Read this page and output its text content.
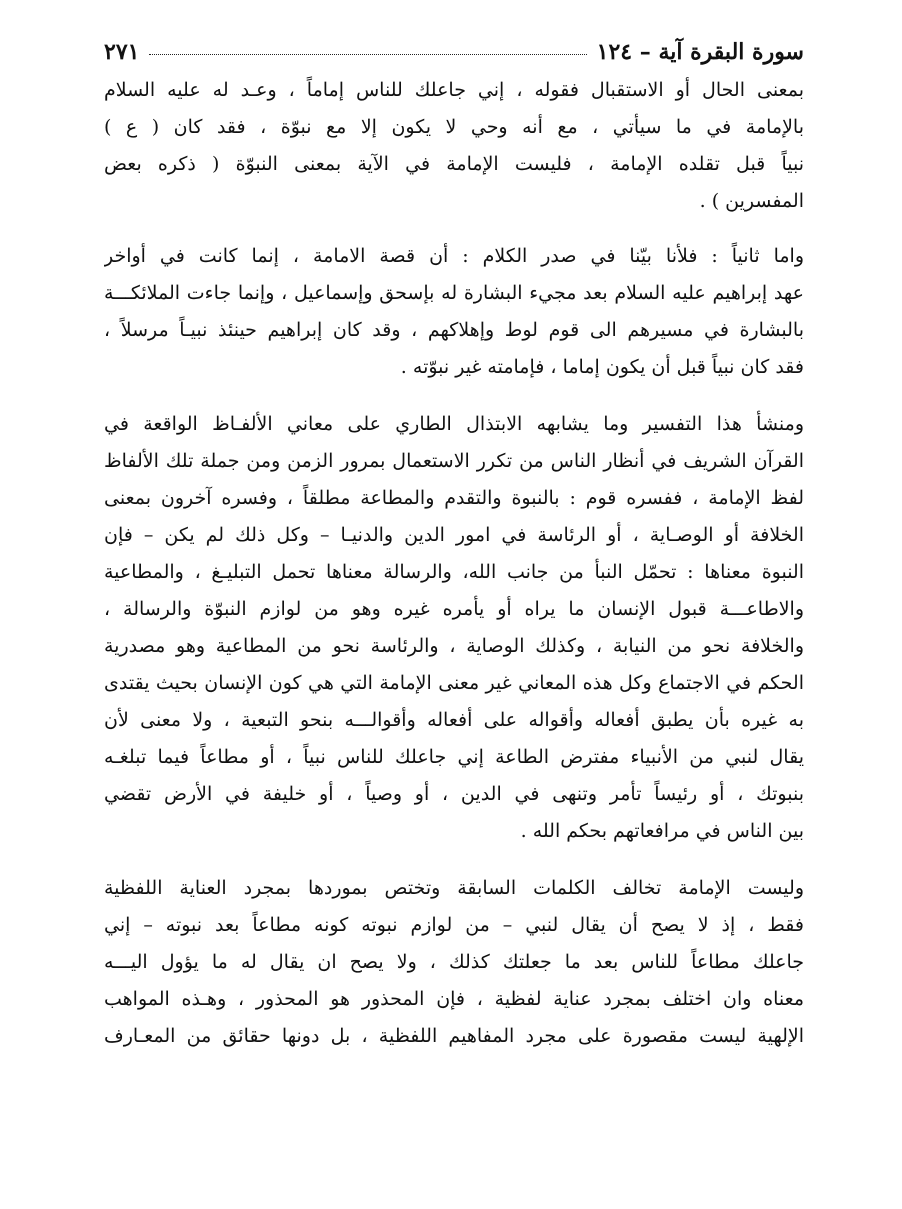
سورة البقرة آية – ١٢٤
٢٧١

بمعنى الحال أو الاستقبال فقوله ، إني جاعلك للناس إماماً ، وعـد له عليه السلام
بالإمامة في ما سيأتي ، مع أنه وحي لا يكون إلا مع نبوّة ، فقد كان ( ع )
نبياً قبل تقلده الإمامة ، فليست الإمامة في الآية بمعنى النبوّة ( ذكره بعض
المفسرين ) .

واما ثانياً : فلأنا بيّنا في صدر الكلام : أن قصة الامامة ، إنما كانت في أواخر
عهد إبراهيم عليه السلام بعد مجيء البشارة له بإسحق وإسماعيل ، وإنما جاءت الملائكـــة
بالبشارة في مسيرهم الى قوم لوط وإهلاكهم ، وقد كان إبراهيم حينئذ نبيـاً مرسلاً ،
فقد كان نبياً قبل أن يكون إماما ، فإمامته غير نبوّته .

ومنشأ هذا التفسير وما يشابهه الابتذال الطاري على معاني الألفـاظ الواقعة في
القرآن الشريف في أنظار الناس من تكرر الاستعمال بمرور الزمن ومن جملة تلك الألفاظ
لفظ الإمامة ، ففسره قوم : بالنبوة والتقدم والمطاعة مطلقاً ، وفسره آخرون بمعنى
الخلافة أو الوصـاية ، أو الرئاسة في امور الدين والدنيـا – وكل ذلك لم يكن – فإن
النبوة معناها : تحمّل النبأ من جانب الله، والرسالة معناها تحمل التبليـغ ، والمطاعية
والاطاعـــة قبول الإنسان ما يراه أو يأمره غيره وهو من لوازم النبوّة والرسالة ،
والخلافة نحو من النيابة ، وكذلك الوصاية ، والرئاسة نحو من المطاعية وهو مصدرية
الحكم في الاجتماع وكل هذه المعاني غير معنى الإمامة التي هي كون الإنسان بحيث يقتدى
به غيره بأن يطبق أفعاله وأقواله على أفعاله وأقوالـــه بنحو التبعية ، ولا معنى لأن
يقال لنبي من الأنبياء مفترض الطاعة إني جاعلك للناس نبياً ، أو مطاعاً فيما تبلغـه
بنبوتك ، أو رئيساً تأمر وتنهى في الدين ، أو وصياً ، أو خليفة في الأرض تقضي
بين الناس في مرافعاتهم بحكم الله .

وليست الإمامة تخالف الكلمات السابقة وتختص بموردها بمجرد العناية اللفظية
فقط ، إذ لا يصح أن يقال لنبي – من لوازم نبوته كونه مطاعاً بعد نبوته – إني
جاعلك مطاعاً للناس بعد ما جعلتك كذلك ، ولا يصح ان يقال له ما يؤول اليـــه
معناه وان اختلف بمجرد عناية لفظية ، فإن المحذور هو المحذور ، وهـذه المواهب
الإلهية ليست مقصورة على مجرد المفاهيم اللفظية ، بل دونها حقائق من المعـارف
